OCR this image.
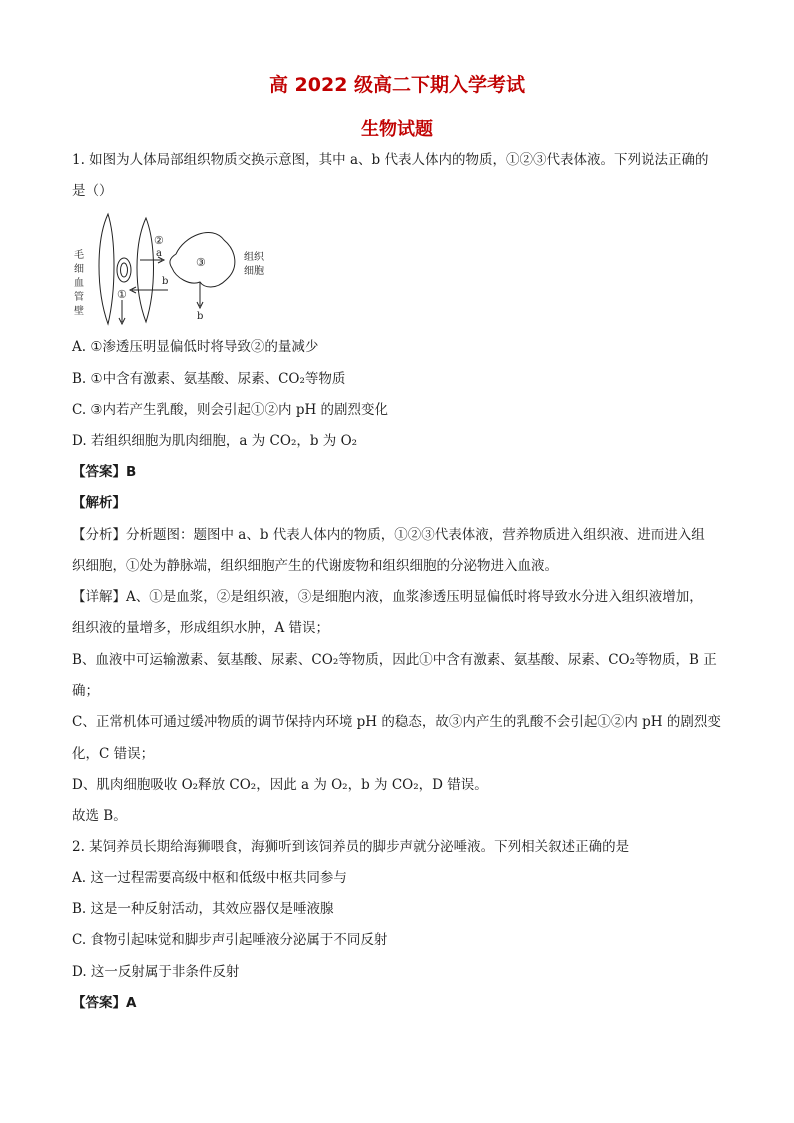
高 2022 级高二下期入学考试
生物试题
1. 如图为人体局部组织物质交换示意图，其中 a、b 代表人体内的物质，①②③代表体液。下列说法正确的
是（）
毛
细
血
管
壁
①
②
③
a
b
b
组织
细胞
A. ①渗透压明显偏低时将导致②的量减少
B. ①中含有激素、氨基酸、尿素、CO₂等物质
C. ③内若产生乳酸，则会引起①②内 pH 的剧烈变化
D. 若组织细胞为肌肉细胞，a 为 CO₂，b 为 O₂
【答案】B
【解析】
【分析】分析题图：题图中 a、b 代表人体内的物质，①②③代表体液，营养物质进入组织液、进而进入组
织细胞，①处为静脉端，组织细胞产生的代谢废物和组织细胞的分泌物进入血液。
【详解】A、①是血浆，②是组织液，③是细胞内液，血浆渗透压明显偏低时将导致水分进入组织液增加，
组织液的量增多，形成组织水肿，A 错误；
B、血液中可运输激素、氨基酸、尿素、CO₂等物质，因此①中含有激素、氨基酸、尿素、CO₂等物质，B 正
确；
C、正常机体可通过缓冲物质的调节保持内环境 pH 的稳态，故③内产生的乳酸不会引起①②内 pH 的剧烈变
化，C 错误；
D、肌肉细胞吸收 O₂释放 CO₂，因此 a 为 O₂，b 为 CO₂，D 错误。
故选 B。
2. 某饲养员长期给海狮喂食，海狮听到该饲养员的脚步声就分泌唾液。下列相关叙述正确的是
A. 这一过程需要高级中枢和低级中枢共同参与
B. 这是一种反射活动，其效应器仅是唾液腺
C. 食物引起味觉和脚步声引起唾液分泌属于不同反射
D. 这一反射属于非条件反射
【答案】A
